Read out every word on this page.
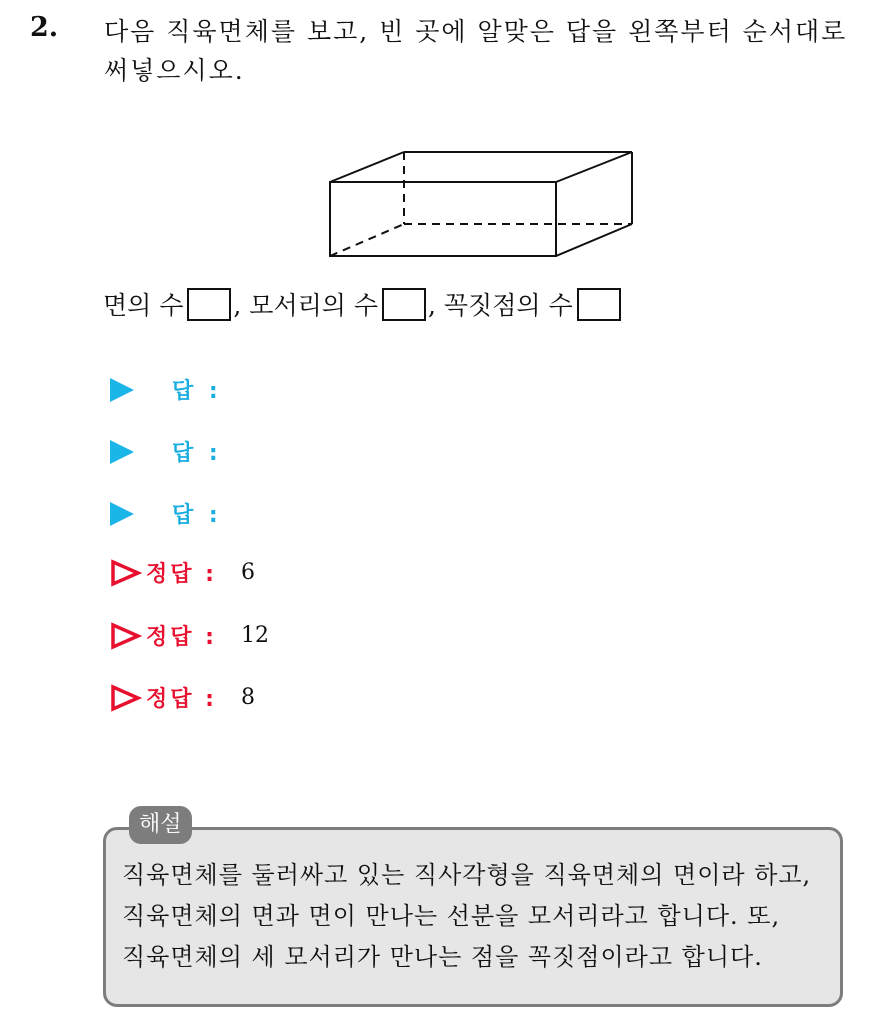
2. 다음 직육면체를 보고, 빈 곳에 알맞은 답을 왼쪽부터 순서대로
써넣으시오.
면의 수 , 모서리의 수 , 꼭짓점의 수
답 :
답 :
답 :
정답 : 6
정답 : 12
정답 : 8
해설
직육면체를 둘러싸고 있는 직사각형을 직육면체의 면이라 하고,
직육면체의 면과 면이 만나는 선분을 모서리라고 합니다. 또,
직육면체의 세 모서리가 만나는 점을 꼭짓점이라고 합니다.
